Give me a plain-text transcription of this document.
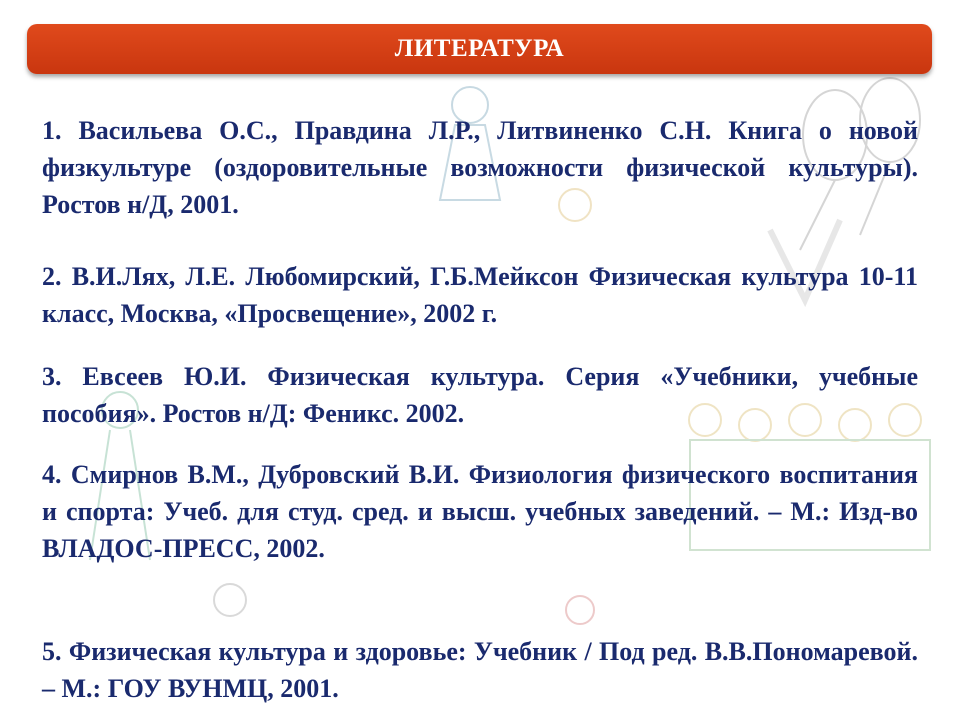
ЛИТЕРАТУРА
1. Васильева О.С., Правдина Л.Р., Литвиненко С.Н. Книга о новой физкультуре (оздоровительные возможности физической культуры). Ростов н/Д, 2001.
2. В.И.Лях, Л.Е. Любомирский, Г.Б.Мейксон Физическая культура 10-11 класс, Москва, «Просвещение», 2002 г.
3. Евсеев Ю.И. Физическая культура. Серия «Учебники, учебные пособия». Ростов н/Д: Феникс. 2002.
4. Смирнов В.М., Дубровский В.И. Физиология физического воспитания и спорта: Учеб. для студ. сред. и высш. учебных заведений. – М.: Изд-во ВЛАДОС-ПРЕСС, 2002.
5. Физическая культура и здоровье: Учебник / Под ред. В.В.Пономаревой. – М.: ГОУ ВУНМЦ, 2001.
